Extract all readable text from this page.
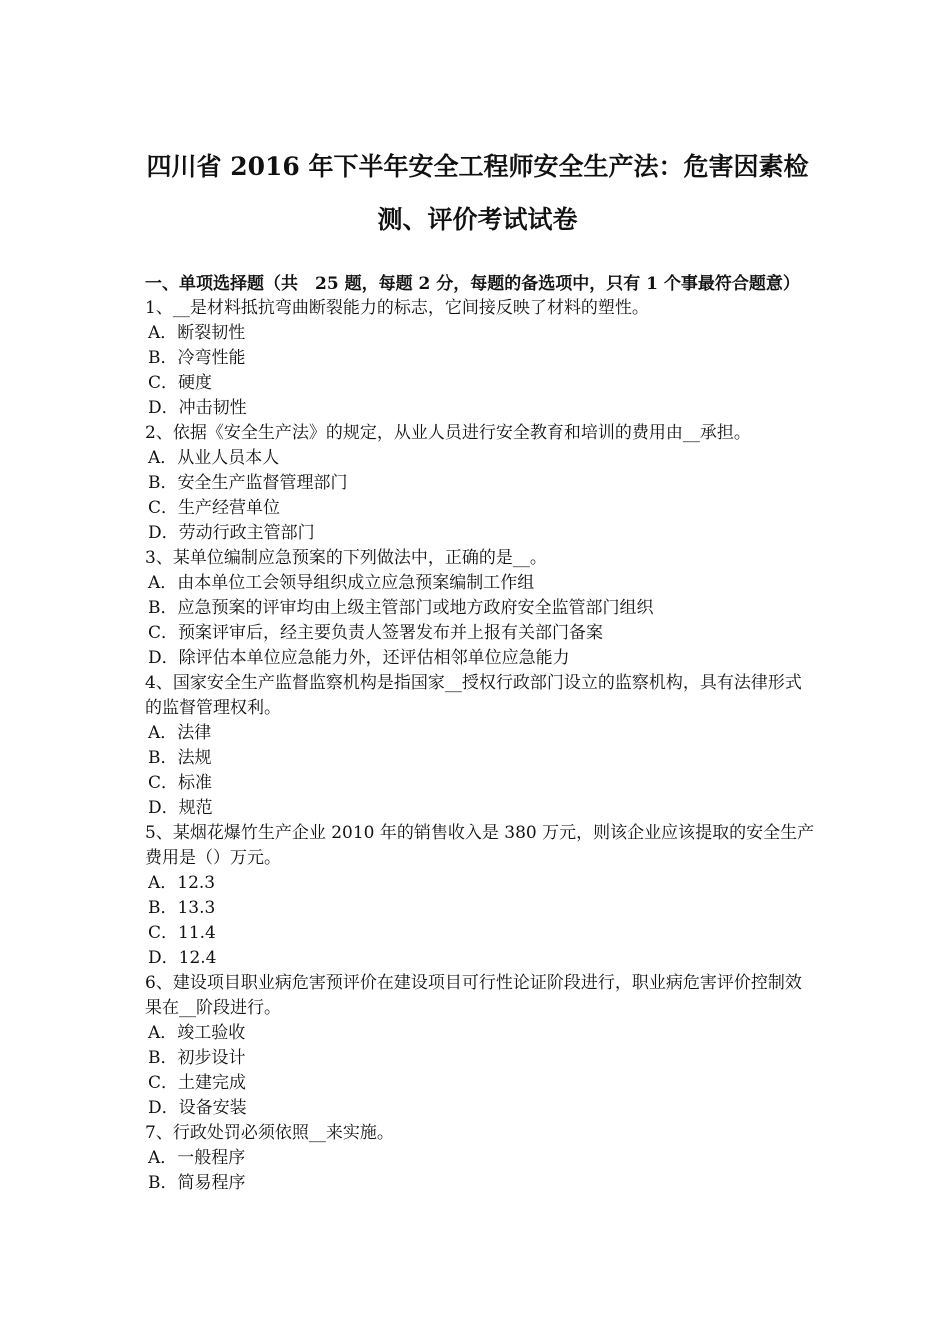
四川省 2016 年下半年安全工程师安全生产法：危害因素检
测、评价考试试卷

一、单项选择题（共　25 题，每题 2 分，每题的备选项中，只有 1 个事最符合题意）

1、__是材料抵抗弯曲断裂能力的标志，它间接反映了材料的塑性。

A．断裂韧性

B．冷弯性能

C．硬度

D．冲击韧性

2、依据《安全生产法》的规定，从业人员进行安全教育和培训的费用由__承担。

A．从业人员本人

B．安全生产监督管理部门

C．生产经营单位

D．劳动行政主管部门

3、某单位编制应急预案的下列做法中，正确的是__。

A．由本单位工会领导组织成立应急预案编制工作组

B．应急预案的评审均由上级主管部门或地方政府安全监管部门组织

C．预案评审后，经主要负责人签署发布并上报有关部门备案

D．除评估本单位应急能力外，还评估相邻单位应急能力

4、国家安全生产监督监察机构是指国家__授权行政部门设立的监察机构，具有法律形式的监督管理权利。

A．法律

B．法规

C．标准

D．规范

5、某烟花爆竹生产企业 2010 年的销售收入是 380 万元，则该企业应该提取的安全生产费用是（）万元。

A．12.3

B．13.3

C．11.4

D．12.4

6、建设项目职业病危害预评价在建设项目可行性论证阶段进行，职业病危害评价控制效果在__阶段进行。

A．竣工验收

B．初步设计

C．土建完成

D．设备安装

7、行政处罚必须依照__来实施。

A．一般程序

B．简易程序
